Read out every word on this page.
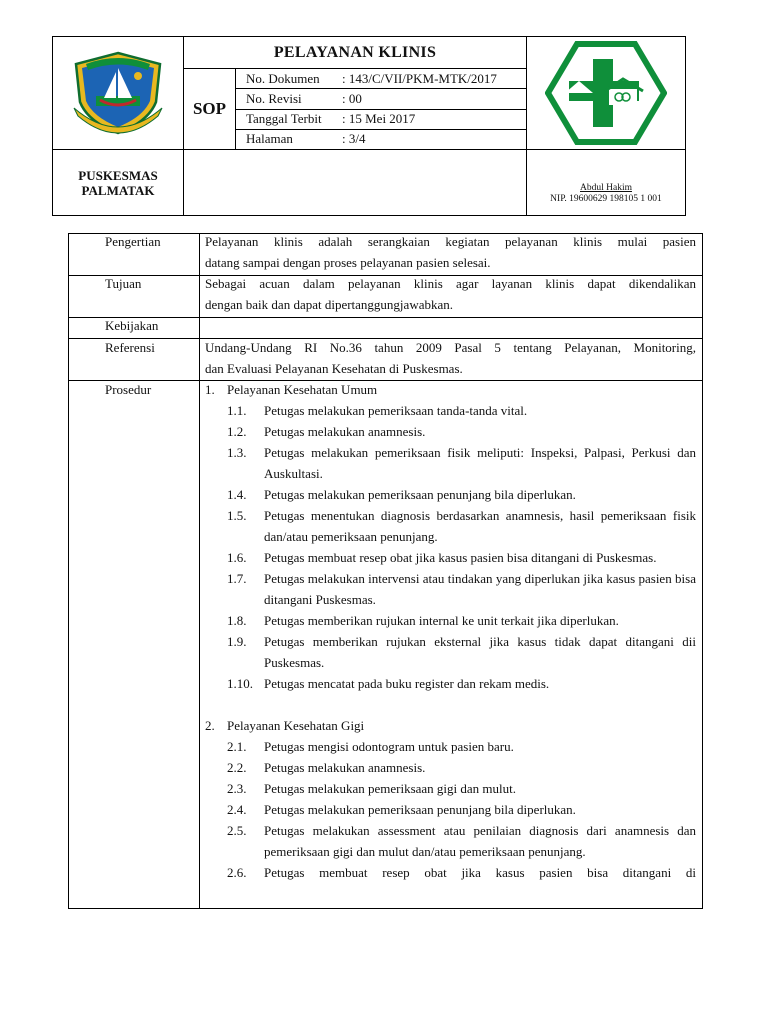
PELAYANAN KLINIS
SOP
No. Dokumen	: 143/C/VII/PKM-MTK/2017
No. Revisi	: 00
Tanggal Terbit	: 15 Mei 2017
Halaman	: 3/4
PUSKESMAS
PALMATAK	Abdul Hakim
NIP. 19600629 198105 1 001
Pengertian	Pelayanan klinis adalah serangkaian kegiatan pelayanan klinis mulai pasien
datang sampai dengan proses pelayanan pasien selesai.
Tujuan	Sebagai acuan dalam pelayanan klinis agar layanan klinis dapat dikendalikan
dengan baik dan dapat dipertanggungjawabkan.
Kebijakan
Referensi	Undang-Undang RI No.36 tahun 2009 Pasal 5 tentang Pelayanan, Monitoring,
dan Evaluasi Pelayanan Kesehatan di Puskesmas.
Prosedur	1. Pelayanan Kesehatan Umum
1.1.	Petugas melakukan pemeriksaan tanda-tanda vital.
1.2.	Petugas melakukan anamnesis.
1.3.	Petugas melakukan pemeriksaan fisik meliputi: Inspeksi, Palpasi, Perkusi dan Auskultasi.
1.4.	Petugas melakukan pemeriksaan penunjang bila diperlukan.
1.5.	Petugas menentukan diagnosis berdasarkan anamnesis, hasil pemeriksaan fisik dan/atau pemeriksaan penunjang.
1.6.	Petugas membuat resep obat jika kasus pasien bisa ditangani di Puskesmas.
1.7.	Petugas melakukan intervensi atau tindakan yang diperlukan jika kasus pasien bisa ditangani Puskesmas.
1.8.	Petugas memberikan rujukan internal ke unit terkait jika diperlukan.
1.9.	Petugas memberikan rujukan eksternal jika kasus tidak dapat ditangani dii Puskesmas.
1.10. Petugas mencatat pada buku register dan rekam medis.
2. Pelayanan Kesehatan Gigi
2.1.	Petugas mengisi odontogram untuk pasien baru.
2.2.	Petugas melakukan anamnesis.
2.3.	Petugas melakukan pemeriksaan gigi dan mulut.
2.4.	Petugas melakukan pemeriksaan penunjang bila diperlukan.
2.5.	Petugas melakukan assessment atau penilaian diagnosis dari anamnesis dan pemeriksaan gigi dan mulut dan/atau pemeriksaan penunjang.
2.6.	Petugas membuat resep obat jika kasus pasien bisa ditangani di
